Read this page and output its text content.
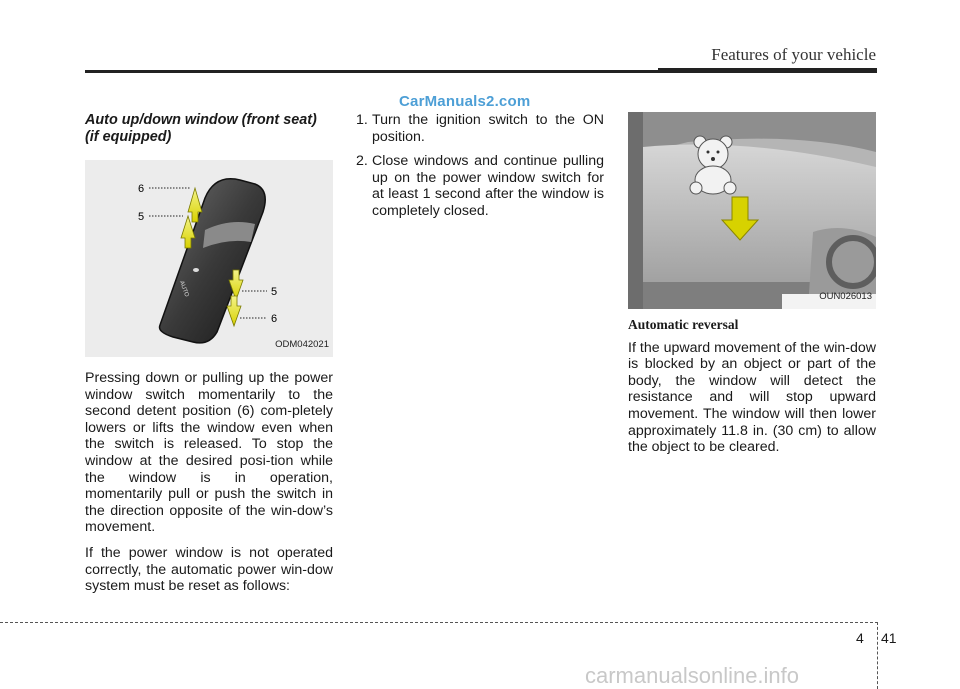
Features of your vehicle
CarManuals2.com
Auto up/down window (front seat) (if equipped)
AUTO
6
5
5
6
ODM042021

Pressing down or pulling up the power window switch momentarily to the second detent position (6) com-pletely lowers or lifts the window even when the switch is released. To stop the window at the desired posi-tion while the window is in operation, momentarily pull or push the switch in the direction opposite of the win-dow’s movement.

If the power window is not operated correctly, the automatic power win-dow system must be reset as follows:

1. Turn the ignition switch to the ON position.
2. Close windows and continue pulling up on the power window switch for at least 1 second after the window is completely closed.
OUN026013
Automatic reversal

If the upward movement of the win-dow is blocked by an object or part of the body, the window will detect the resistance and will stop upward movement. The window will then lower approximately 11.8 in. (30 cm) to allow the object to be cleared.

4 41
carmanualsonline.info
